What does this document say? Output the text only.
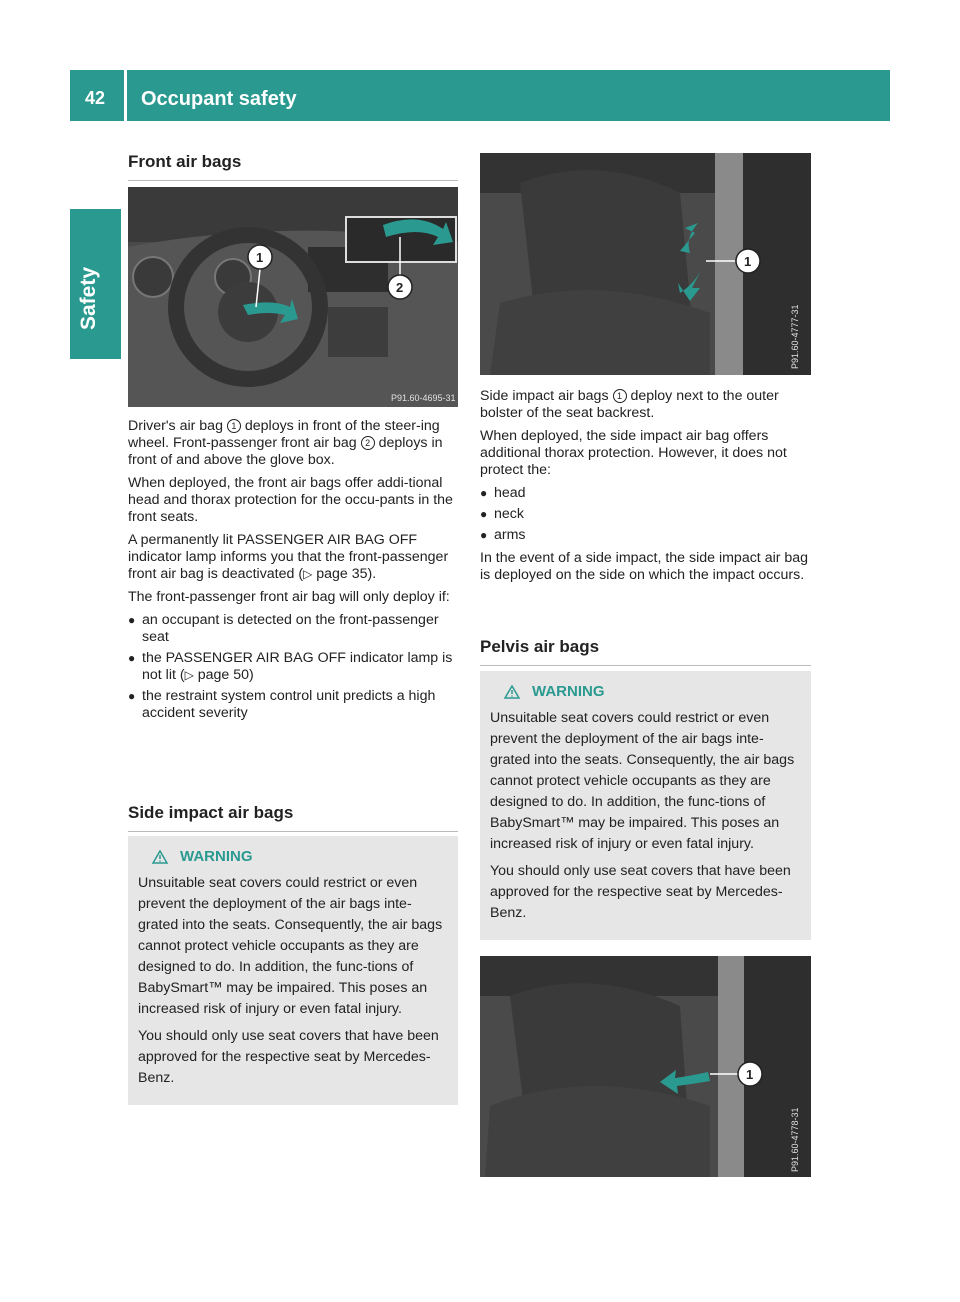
42 Occupant safety
Safety
Front air bags
1
2
P91.60-4695-31

Driver's air bag 1 deploys in front of the steer-ing wheel. Front-passenger front air bag 2 deploys in front of and above the glove box.

When deployed, the front air bags offer addi-tional head and thorax protection for the occu-pants in the front seats.

A permanently lit PASSENGER AIR BAG OFF indicator lamp informs you that the front-passenger front air bag is deactivated (▷ page 35).

The front-passenger front air bag will only deploy if:

● an occupant is detected on the front-passenger seat
● the PASSENGER AIR BAG OFF indicator lamp is not lit (▷ page 50)
● the restraint system control unit predicts a high accident severity
Side impact air bags
WARNING

Unsuitable seat covers could restrict or even prevent the deployment of the air bags inte-grated into the seats. Consequently, the air bags cannot protect vehicle occupants as they are designed to do. In addition, the func-tions of BabySmart™ may be impaired. This poses an increased risk of injury or even fatal injury.

You should only use seat covers that have been approved for the respective seat by Mercedes-Benz.

1
P91.60-4777-31

Side impact air bags 1 deploy next to the outer bolster of the seat backrest.

When deployed, the side impact air bag offers additional thorax protection. However, it does not protect the:

● head
● neck
● arms

In the event of a side impact, the side impact air bag is deployed on the side on which the impact occurs.

Pelvis air bags
WARNING

Unsuitable seat covers could restrict or even prevent the deployment of the air bags inte-grated into the seats. Consequently, the air bags cannot protect vehicle occupants as they are designed to do. In addition, the func-tions of BabySmart™ may be impaired. This poses an increased risk of injury or even fatal injury.

You should only use seat covers that have been approved for the respective seat by Mercedes-Benz.

1
P91.60-4778-31
